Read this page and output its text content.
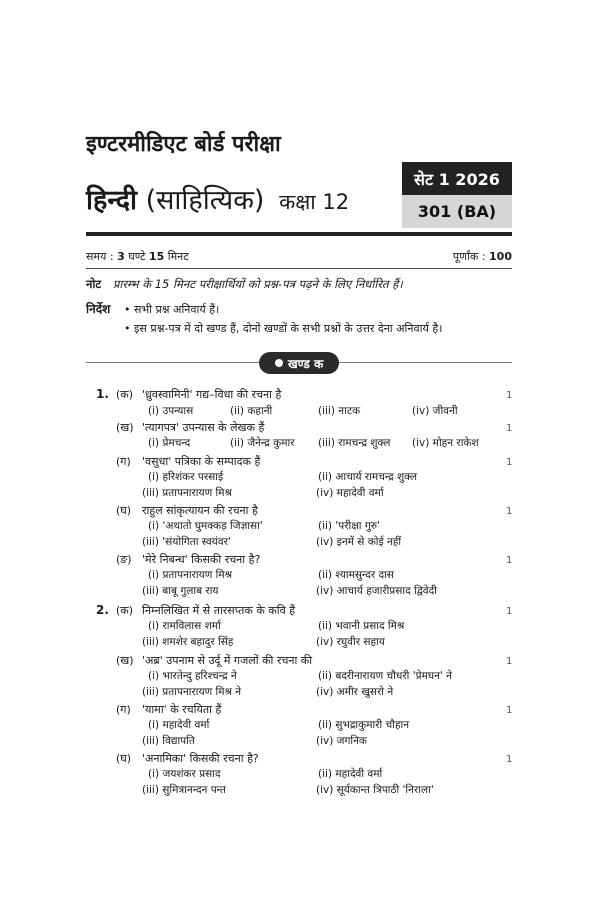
इण्टरमीडिएट बोर्ड परीक्षा
हिन्दी (साहित्यिक) कक्षा 12
सेट 1 2026
301 (BA)
समय : 3 घण्टे 15 मिनट	पूर्णांक : 100
नोट प्रारम्भ के 15 मिनट परीक्षार्थियों को प्रश्न-पत्र पढ़ने के लिए निर्धारित हैं।
निर्देश • सभी प्रश्न अनिवार्य हैं।
• इस प्रश्न-पत्र में दो खण्ड हैं, दोनों खण्डों के सभी प्रश्नों के उत्तर देना अनिवार्य है।
खण्ड क
1. (क) 'ध्रुवस्वामिनी' गद्य–विधा की रचना है	1
(i) उपन्यास	(ii) कहानी	(iii) नाटक	(iv) जीवनी
(ख) 'त्यागपत्र' उपन्यास के लेखक हैं	1
(i) प्रेमचन्द	(ii) जैनेन्द्र कुमार (iii) रामचन्द्र शुक्ल (iv) मोहन राकेश
(ग) 'वसुधा' पत्रिका के सम्पादक हैं	1
(i) हरिशंकर परसाई	(ii) आचार्य रामचन्द्र शुक्ल
(iii) प्रतापनारायण मिश्र	(iv) महादेवी वर्मा
(घ) राहुल सांकृत्यायन की रचना है	1
(i) 'अथातो घुमक्कड़ जिज्ञासा'	(ii) 'परीक्षा गुरु'
(iii) 'संयोगिता स्वयंवर'	(iv) इनमें से कोई नहीं
(ङ) 'मेरे निबन्ध' किसकी रचना है?	1
(i) प्रतापनारायण मिश्र	(ii) श्यामसुन्दर दास
(iii) बाबू गुलाब राय	(iv) आचार्य हजारीप्रसाद द्विवेदी
2. (क) निम्नलिखित में से तारसप्तक के कवि हैं	1
(i) रामविलास शर्मा	(ii) भवानी प्रसाद मिश्र
(iii) शमशेर बहादुर सिंह	(iv) रघुवीर सहाय
(ख) 'अब्र' उपनाम से उर्दू में गजलों की रचना की	1
(i) भारतेन्दु हरिश्चन्द्र ने	(ii) बदरीनारायण चौधरी 'प्रेमघन' ने
(iii) प्रतापनारायण मिश्र ने	(iv) अमीर खुसरो ने
(ग) 'यामा' के रचयिता हैं	1
(i) महादेवी वर्मा	(ii) सुभद्राकुमारी चौहान
(iii) विद्यापति	(iv) जगनिक
(घ) 'अनामिका' किसकी रचना है?	1
(i) जयशंकर प्रसाद	(ii) महादेवी वर्मा
(iii) सुमित्रानन्दन पन्त	(iv) सूर्यकान्त त्रिपाठी 'निराला'
